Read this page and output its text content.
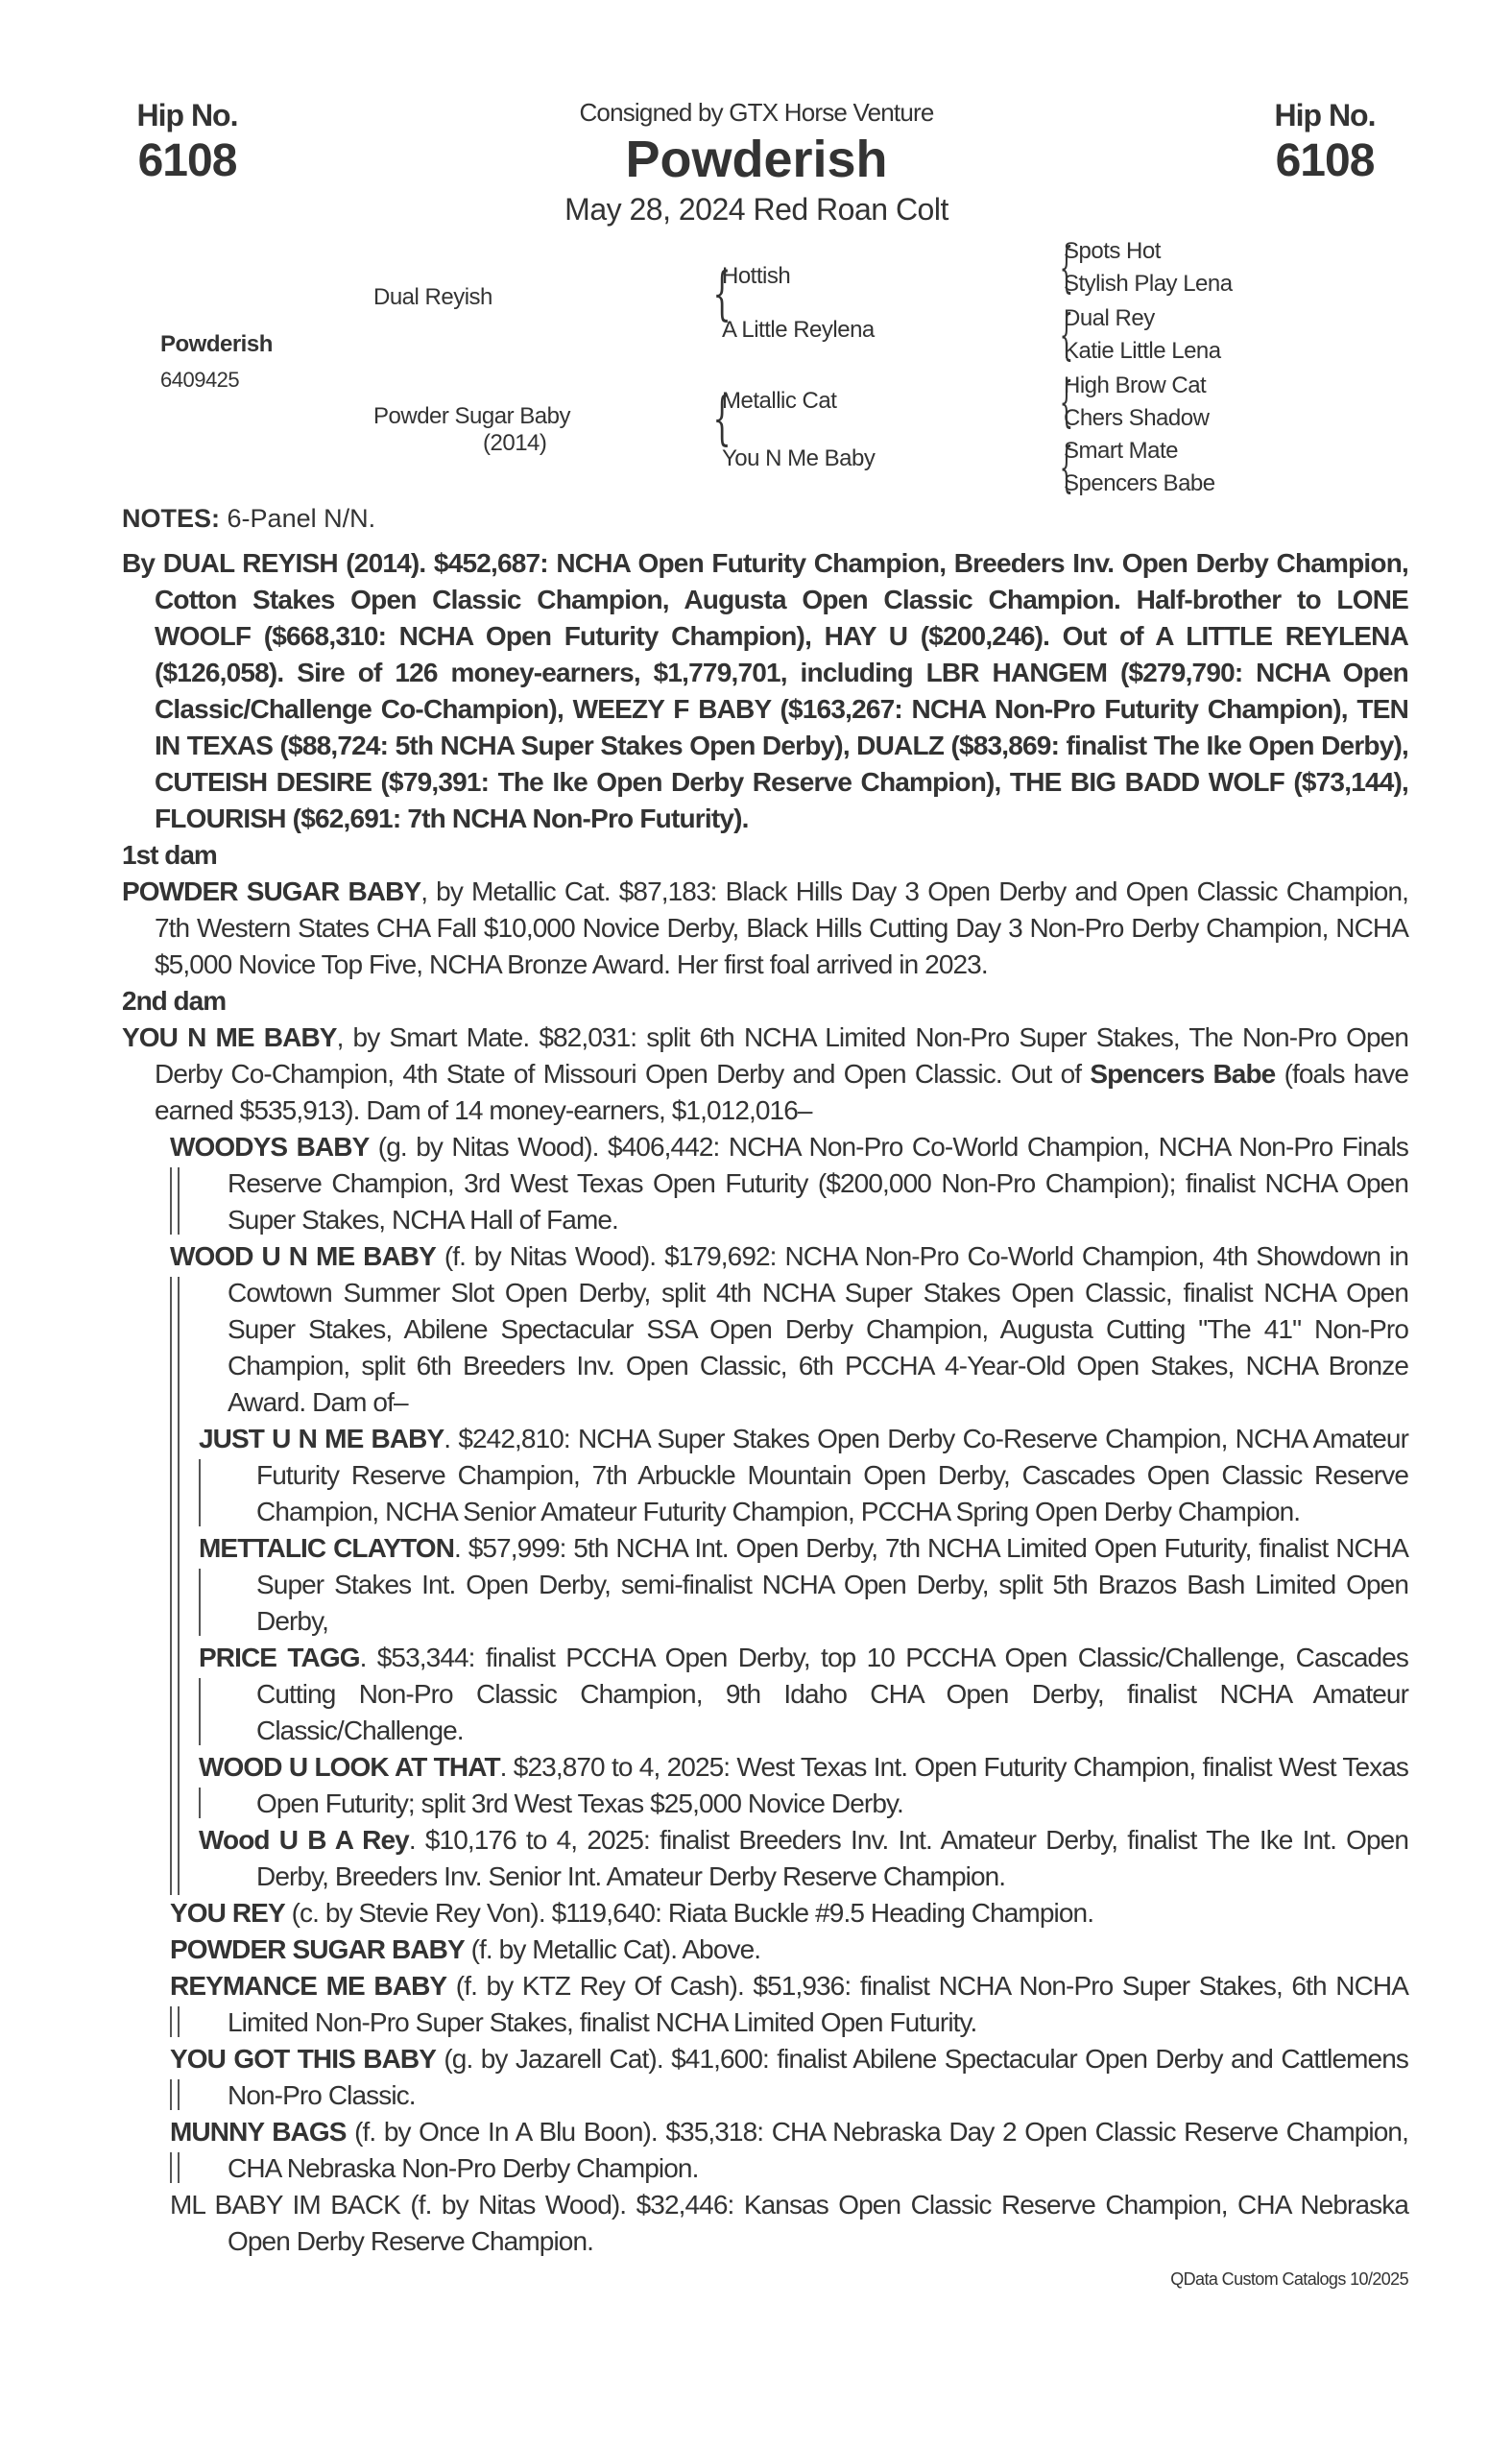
Hip No.
6108
Hip No.
6108
Consigned by GTX Horse Venture
Powderish
May 28, 2024 Red Roan Colt
Powderish
6409425
Dual Reyish
Powder Sugar Baby
(2014)
{
Hottish
A Little Reylena
{
Metallic Cat
You N Me Baby
{
Spots Hot
Stylish Play Lena
{
Dual Rey
Katie Little Lena
{
High Brow Cat
Chers Shadow
{
Smart Mate
Spencers Babe
NOTES: 6-Panel N/N.
By DUAL REYISH (2014). $452,687: NCHA Open Futurity Champion, Breeders Inv. Open Derby Champion, Cotton Stakes Open Classic Champion, Augusta Open Classic Champion. Half-brother to LONE WOOLF ($668,310: NCHA Open Futurity Champion), HAY U ($200,246). Out of A LITTLE REYLENA ($126,058). Sire of 126 money-earners, $1,779,701, including LBR HANGEM ($279,790: NCHA Open Classic/Challenge Co-Champion), WEEZY F BABY ($163,267: NCHA Non-Pro Futurity Champion), TEN IN TEXAS ($88,724: 5th NCHA Super Stakes Open Derby), DUALZ ($83,869: finalist The Ike Open Derby), CUTEISH DESIRE ($79,391: The Ike Open Derby Reserve Champion), THE BIG BADD WOLF ($73,144), FLOURISH ($62,691: 7th NCHA Non-Pro Futurity).
1st dam
POWDER SUGAR BABY, by Metallic Cat. $87,183: Black Hills Day 3 Open Derby and Open Classic Champion, 7th Western States CHA Fall $10,000 Novice Derby, Black Hills Cutting Day 3 Non-Pro Derby Champion, NCHA $5,000 Novice Top Five, NCHA Bronze Award. Her first foal arrived in 2023.
2nd dam
YOU N ME BABY, by Smart Mate. $82,031: split 6th NCHA Limited Non-Pro Super Stakes, The Non-Pro Open Derby Co-Champion, 4th State of Missouri Open Derby and Open Classic. Out of Spencers Babe (foals have earned $535,913). Dam of 14 money-earners, $1,012,016–
WOODYS BABY (g. by Nitas Wood). $406,442: NCHA Non-Pro Co-World Champion, NCHA Non-Pro Finals Reserve Champion, 3rd West Texas Open Futurity ($200,000 Non-Pro Champion); finalist NCHA Open Super Stakes, NCHA Hall of Fame.
WOOD U N ME BABY (f. by Nitas Wood). $179,692: NCHA Non-Pro Co-World Champion, 4th Showdown in Cowtown Summer Slot Open Derby, split 4th NCHA Super Stakes Open Classic, finalist NCHA Open Super Stakes, Abilene Spectacular SSA Open Derby Champion, Augusta Cutting "The 41" Non-Pro Champion, split 6th Breeders Inv. Open Classic, 6th PCCHA 4-Year-Old Open Stakes, NCHA Bronze Award. Dam of–
JUST U N ME BABY. $242,810: NCHA Super Stakes Open Derby Co-Reserve Champion, NCHA Amateur Futurity Reserve Champion, 7th Arbuckle Mountain Open Derby, Cascades Open Classic Reserve Champion, NCHA Senior Amateur Futurity Champion, PCCHA Spring Open Derby Champion.
METTALIC CLAYTON. $57,999: 5th NCHA Int. Open Derby, 7th NCHA Limited Open Futurity, finalist NCHA Super Stakes Int. Open Derby, semi-finalist NCHA Open Derby, split 5th Brazos Bash Limited Open Derby,
PRICE TAGG. $53,344: finalist PCCHA Open Derby, top 10 PCCHA Open Classic/Challenge, Cascades Cutting Non-Pro Classic Champion, 9th Idaho CHA Open Derby, finalist NCHA Amateur Classic/Challenge.
WOOD U LOOK AT THAT. $23,870 to 4, 2025: West Texas Int. Open Futurity Champion, finalist West Texas Open Futurity; split 3rd West Texas $25,000 Novice Derby.
Wood U B A Rey. $10,176 to 4, 2025: finalist Breeders Inv. Int. Amateur Derby, finalist The Ike Int. Open Derby, Breeders Inv. Senior Int. Amateur Derby Reserve Champion.
YOU REY (c. by Stevie Rey Von). $119,640: Riata Buckle #9.5 Heading Champion.
POWDER SUGAR BABY (f. by Metallic Cat). Above.
REYMANCE ME BABY (f. by KTZ Rey Of Cash). $51,936: finalist NCHA Non-Pro Super Stakes, 6th NCHA Limited Non-Pro Super Stakes, finalist NCHA Limited Open Futurity.
YOU GOT THIS BABY (g. by Jazarell Cat). $41,600: finalist Abilene Spectacular Open Derby and Cattlemens Non-Pro Classic.
MUNNY BAGS (f. by Once In A Blu Boon). $35,318: CHA Nebraska Day 2 Open Classic Reserve Champion, CHA Nebraska Non-Pro Derby Champion.
ML BABY IM BACK (f. by Nitas Wood). $32,446: Kansas Open Classic Reserve Champion, CHA Nebraska Open Derby Reserve Champion.
QData Custom Catalogs 10/2025
